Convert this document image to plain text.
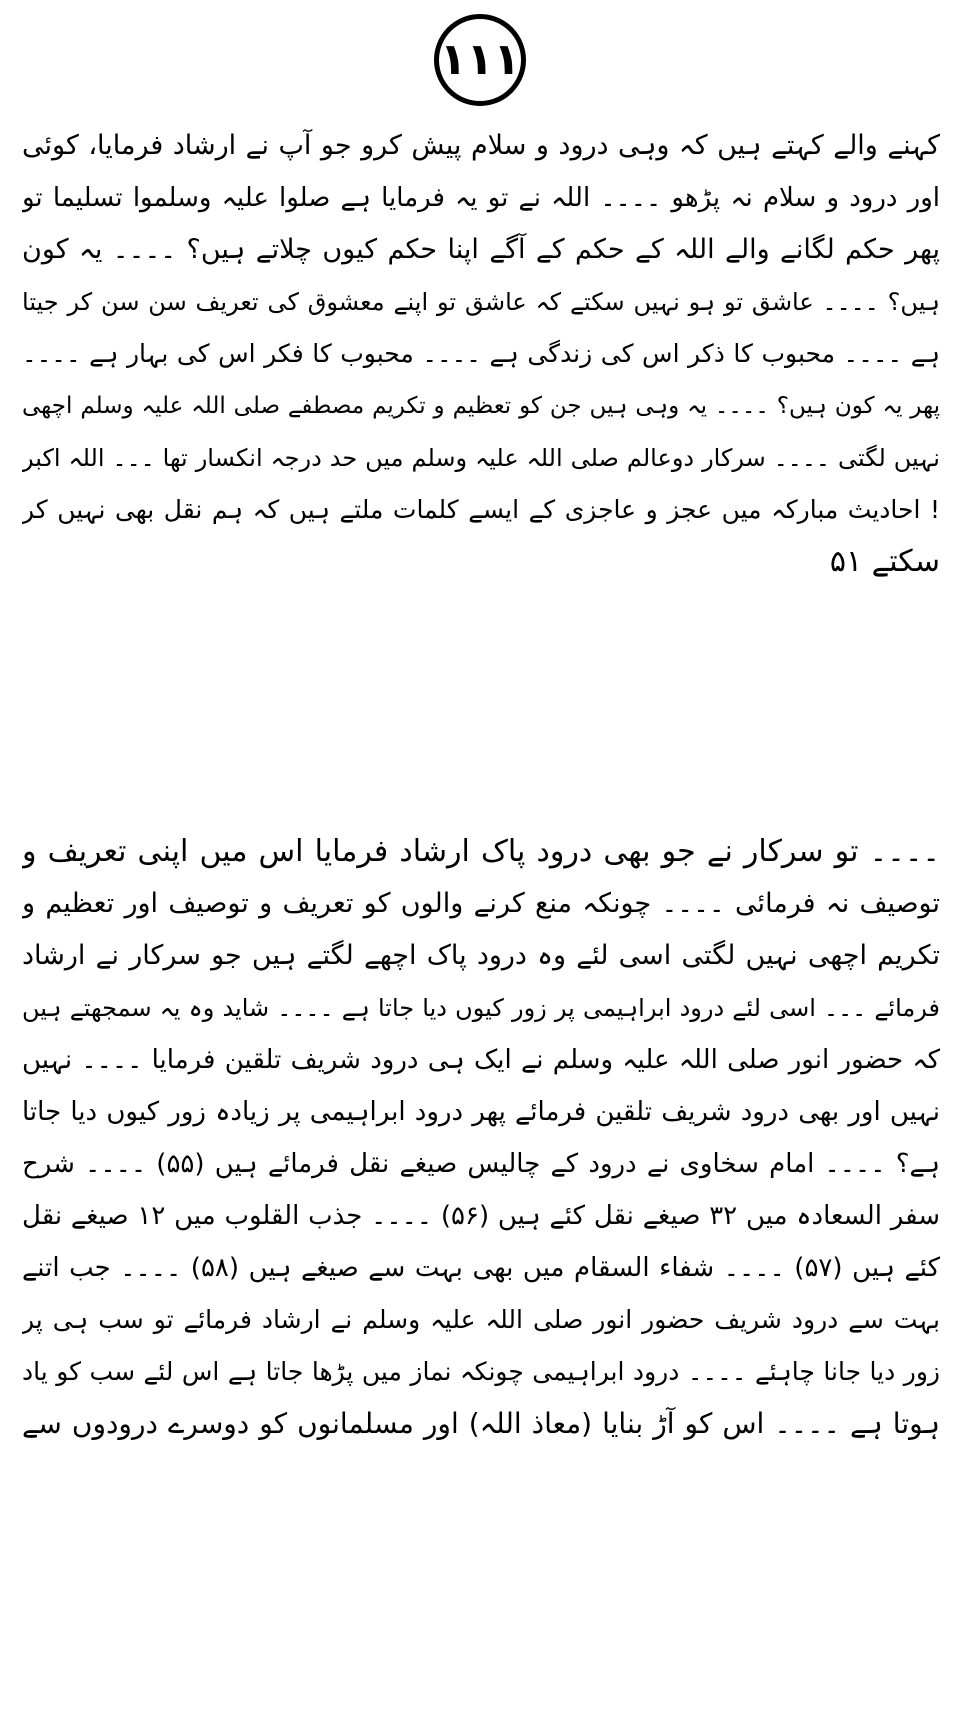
۱۱۱
کہنے والے کہتے ہیں کہ وہی درود و سلام پیش کرو جو آپ نے ارشاد فرمایا، کوئی
اور درود و سلام نہ پڑھو ۔۔۔۔ اللہ نے تو یہ فرمایا ہے صلوا علیہ وسلموا تسلیما تو
پھر حکم لگانے والے اللہ کے حکم کے آگے اپنا حکم کیوں چلاتے ہیں؟ ۔۔۔۔ یہ کون
ہیں؟ ۔۔۔۔ عاشق تو ہو نہیں سکتے کہ عاشق تو اپنے معشوق کی تعریف سن سن کر جیتا
ہے ۔۔۔۔ محبوب کا ذکر اس کی زندگی ہے ۔۔۔۔ محبوب کا فکر اس کی بہار ہے ۔۔۔۔
پھر یہ کون ہیں؟ ۔۔۔۔ یہ وہی ہیں جن کو تعظیم و تکریم مصطفے صلی اللہ علیہ وسلم اچھی
نہیں لگتی ۔۔۔۔ سرکار دوعالم صلی اللہ علیہ وسلم میں حد درجہ انکسار تھا ۔۔۔ اللہ اکبر
! احادیث مبارکہ میں عجز و عاجزی کے ایسے کلمات ملتے ہیں کہ ہم نقل بھی نہیں کر
سکتے ۵۱
۔۔۔۔ تو سرکار نے جو بھی درود پاک ارشاد فرمایا اس میں اپنی تعریف و
توصیف نہ فرمائی ۔۔۔۔ چونکہ منع کرنے والوں کو تعریف و توصیف اور تعظیم و
تکریم اچھی نہیں لگتی اسی لئے وہ درود پاک اچھے لگتے ہیں جو سرکار نے ارشاد
فرمائے ۔۔۔ اسی لئے درود ابراہیمی پر زور کیوں دیا جاتا ہے ۔۔۔۔ شاید وہ یہ سمجھتے ہیں
کہ حضور انور صلی اللہ علیہ وسلم نے ایک ہی درود شریف تلقین فرمایا ۔۔۔۔ نہیں
نہیں اور بھی درود شریف تلقین فرمائے پھر درود ابراہیمی پر زیادہ زور کیوں دیا جاتا
ہے؟ ۔۔۔۔ امام سخاوی نے درود کے چالیس صیغے نقل فرمائے ہیں (۵۵) ۔۔۔۔ شرح
سفر السعادہ میں ۳۲ صیغے نقل کئے ہیں (۵۶) ۔۔۔۔ جذب القلوب میں ۱۲ صیغے نقل
کئے ہیں (۵۷) ۔۔۔۔ شفاء السقام میں بھی بہت سے صیغے ہیں (۵۸) ۔۔۔۔ جب اتنے
بہت سے درود شریف حضور انور صلی اللہ علیہ وسلم نے ارشاد فرمائے تو سب ہی پر
زور دیا جانا چاہئے ۔۔۔۔ درود ابراہیمی چونکہ نماز میں پڑھا جاتا ہے اس لئے سب کو یاد
ہوتا ہے ۔۔۔۔ اس کو آڑ بنایا (معاذ اللہ) اور مسلمانوں کو دوسرے درودوں سے
